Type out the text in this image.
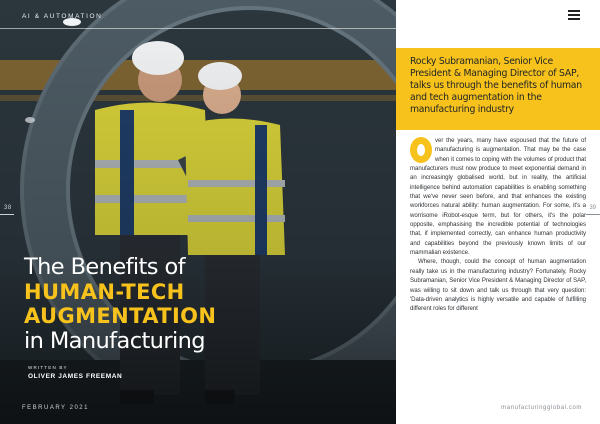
AI & AUTOMATION
38
The Benefits of
HUMAN-TECH
AUGMENTATION
in Manufacturing
WRITTEN BY
OLIVER JAMES FREEMAN
FEBRUARY 2021
Rocky Subramanian, Senior Vice President & Managing Director of SAP, talks us through the benefits of human and tech augmentation in the manufacturing industry

ver the years, many have espoused that the future of manufacturing is augmentation. That may be the case when it comes to coping with the volumes of product that manufacturers must now produce to meet exponential demand in an increasingly globalised world, but in reality, the artificial intelligence behind automation capabilities is enabling something that we've never seen before, and that enhances the existing workforces natural ability: human augmentation. For some, it's a worrisome iRobot-esque term, but for others, it's the polar opposite, emphasising the incredible potential of technologies that, if implemented correctly, can enhance human productivity and capabilities beyond the previously known limits of our mammalian existence.

Where, though, could the concept of human augmentation really take us in the manufacturing industry? Fortunately, Rocky Subramanian, Senior Vice President & Managing Director of SAP, was willing to sit down and talk us through that very question: 'Data-driven analytics is highly versatile and capable of fulfilling different roles for different

39
manufacturingglobal.com
